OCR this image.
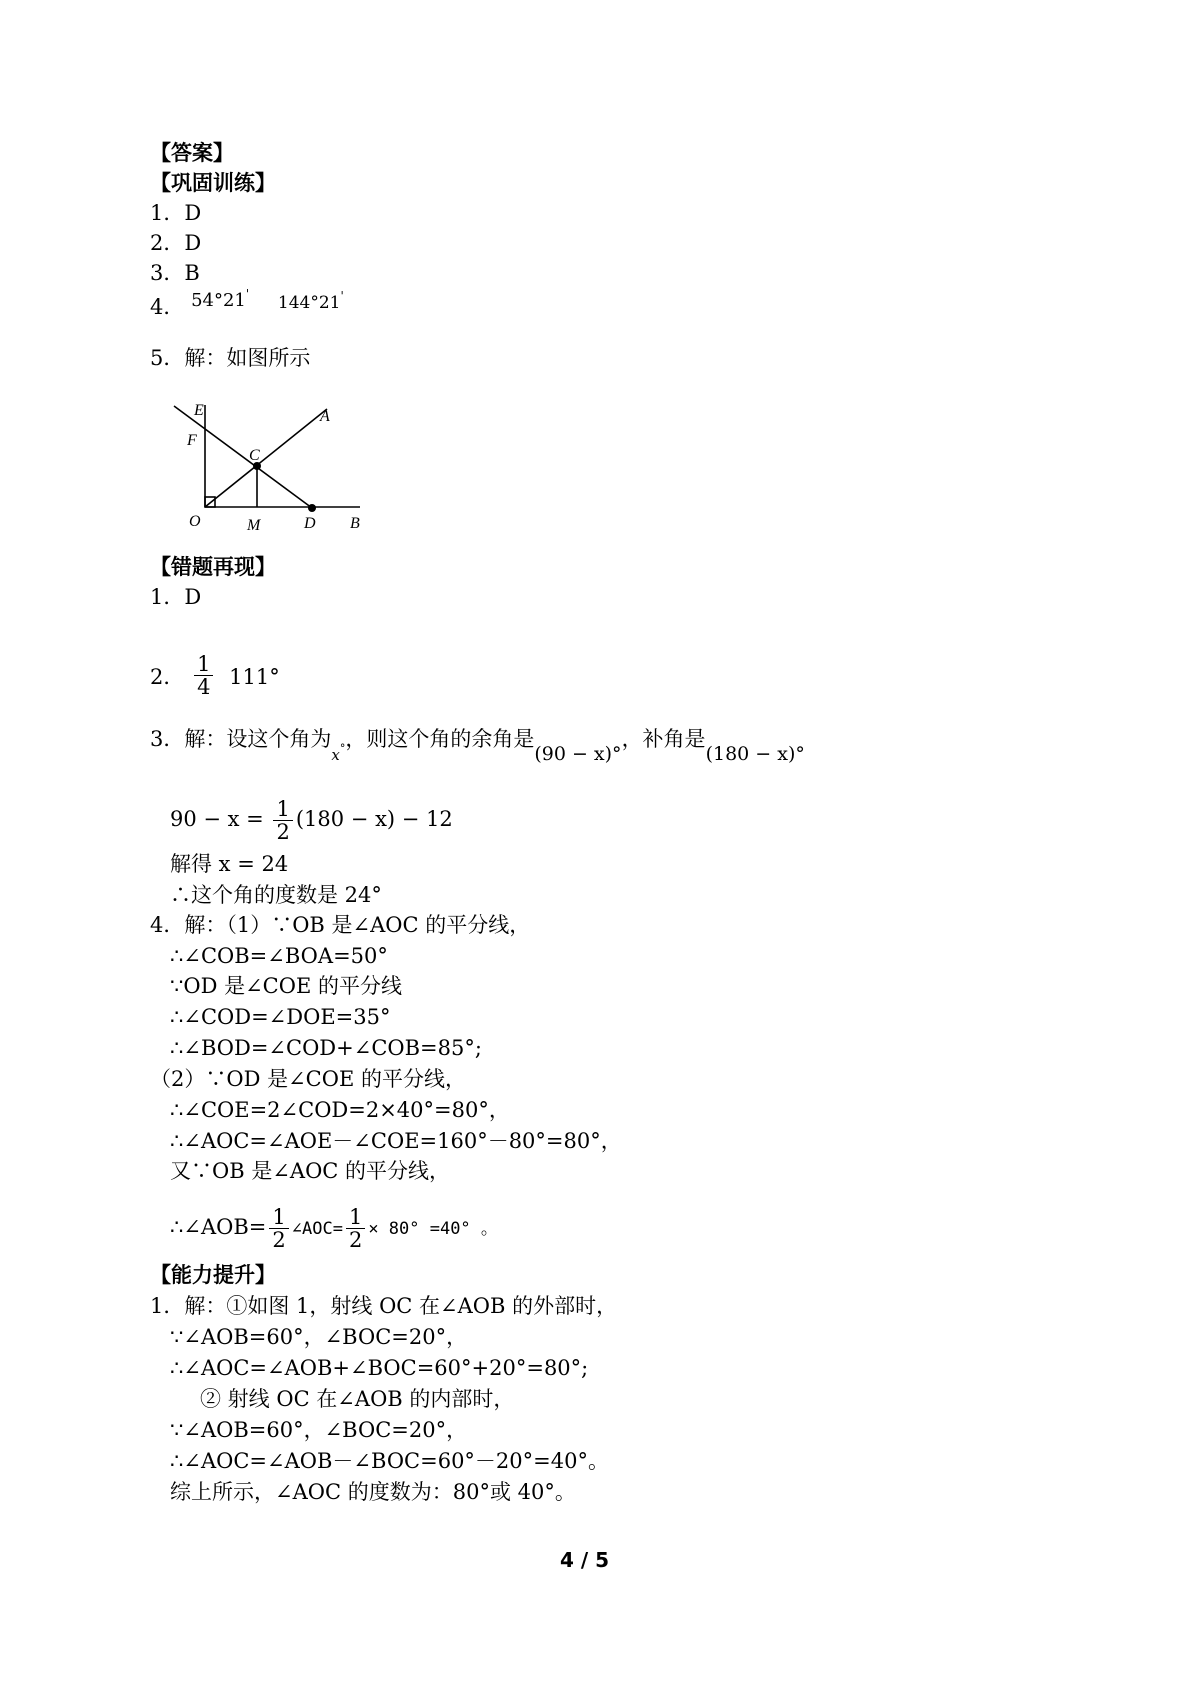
【答案】
【巩固训练】
1．D
2．D
3．B
4． 54°21' $^{144^\circ 21'}$
5．解：如图所示
E	A
F
C
O	M	D B
【错题再现】
1．D
2． $\frac{1}{4} 111^\circ$
3．解：设这个角为$_{x^\circ}$，则这个角的余角是(90 − x)°，补角是(180 − x)°
$90 - x = \frac{1}{2} (180 - x) - 12$
解得 x = 24
∴这个角的度数是 24°
4．解：（1）∵OB 是∠AOC 的平分线，
∴∠COB=∠BOA=50°
∵OD 是∠COE 的平分线
∴∠COD=∠DOE=35°
∴∠BOD=∠COD+∠COB=85°;
（2）∵OD 是∠COE 的平分线，
∴∠COE=2∠COD=2×40°=80°，
∴∠AOC=∠AOE－∠COE=160°－80°=80°，
又∵OB 是∠AOC 的平分线，
∴∠AOB= $\frac{1}{2}$ ∠AOC= $\frac{1}{2} \times 80^\circ =40^\circ$ 。
【能力提升】
1．解：①如图 1，射线 OC 在∠AOB 的外部时，
∵∠AOB=60°，∠BOC=20°，
∴∠AOC=∠AOB+∠BOC=60°+20°=80°;
② 射线 OC 在∠AOB 的内部时，
∵∠AOB=60°，∠BOC=20°，
∴∠AOC=∠AOB－∠BOC=60°－20°=40°。
综上所示，∠AOC 的度数为：80°或 40°。
4 / 5
